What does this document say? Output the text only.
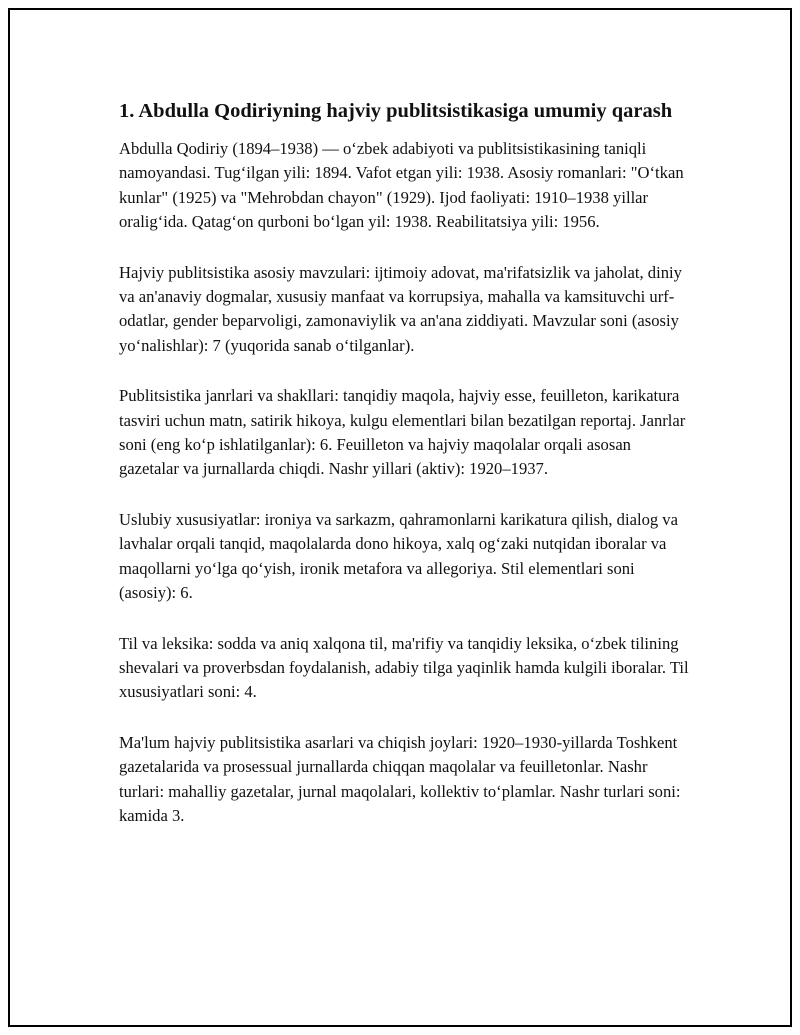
1. Abdulla Qodiriyning hajviy publitsistikasiga umumiy qarash

Abdulla Qodiriy (1894–1938) — o‘zbek adabiyoti va publitsistikasining taniqli namoyandasi. Tug‘ilgan yili: 1894. Vafot etgan yili: 1938. Asosiy romanlari: "O‘tkan kunlar" (1925) va "Mehrobdan chayon" (1929). Ijod faoliyati: 1910–1938 yillar oralig‘ida. Qatag‘on qurboni bo‘lgan yil: 1938. Reabilitatsiya yili: 1956.

Hajviy publitsistika asosiy mavzulari: ijtimoiy adovat, ma'rifatsizlik va jaholat, diniy va an'anaviy dogmalar, xususiy manfaat va korrupsiya, mahalla va kamsituvchi urf-odatlar, gender beparvoligi, zamonaviylik va an'ana ziddiyati. Mavzular soni (asosiy yo‘nalishlar): 7 (yuqorida sanab o‘tilganlar).

Publitsistika janrlari va shakllari: tanqidiy maqola, hajviy esse, feuilleton, karikatura tasviri uchun matn, satirik hikoya, kulgu elementlari bilan bezatilgan reportaj. Janrlar soni (eng ko‘p ishlatilganlar): 6. Feuilleton va hajviy maqolalar orqali asosan gazetalar va jurnallarda chiqdi. Nashr yillari (aktiv): 1920–1937.

Uslubiy xususiyatlar: ironiya va sarkazm, qahramonlarni karikatura qilish, dialog va lavhalar orqali tanqid, maqolalarda dono hikoya, xalq og‘zaki nutqidan iboralar va maqollarni yo‘lga qo‘yish, ironik metafora va allegoriya. Stil elementlari soni (asosiy): 6.

Til va leksika: sodda va aniq xalqona til, ma'rifiy va tanqidiy leksika, o‘zbek tilining shevalari va proverbsdan foydalanish, adabiy tilga yaqinlik hamda kulgili iboralar. Til xususiyatlari soni: 4.

Ma'lum hajviy publitsistika asarlari va chiqish joylari: 1920–1930-yillarda Toshkent gazetalarida va prosessual jurnallarda chiqqan maqolalar va feuilletonlar. Nashr turlari: mahalliy gazetalar, jurnal maqolalari, kollektiv to‘plamlar. Nashr turlari soni: kamida 3.
